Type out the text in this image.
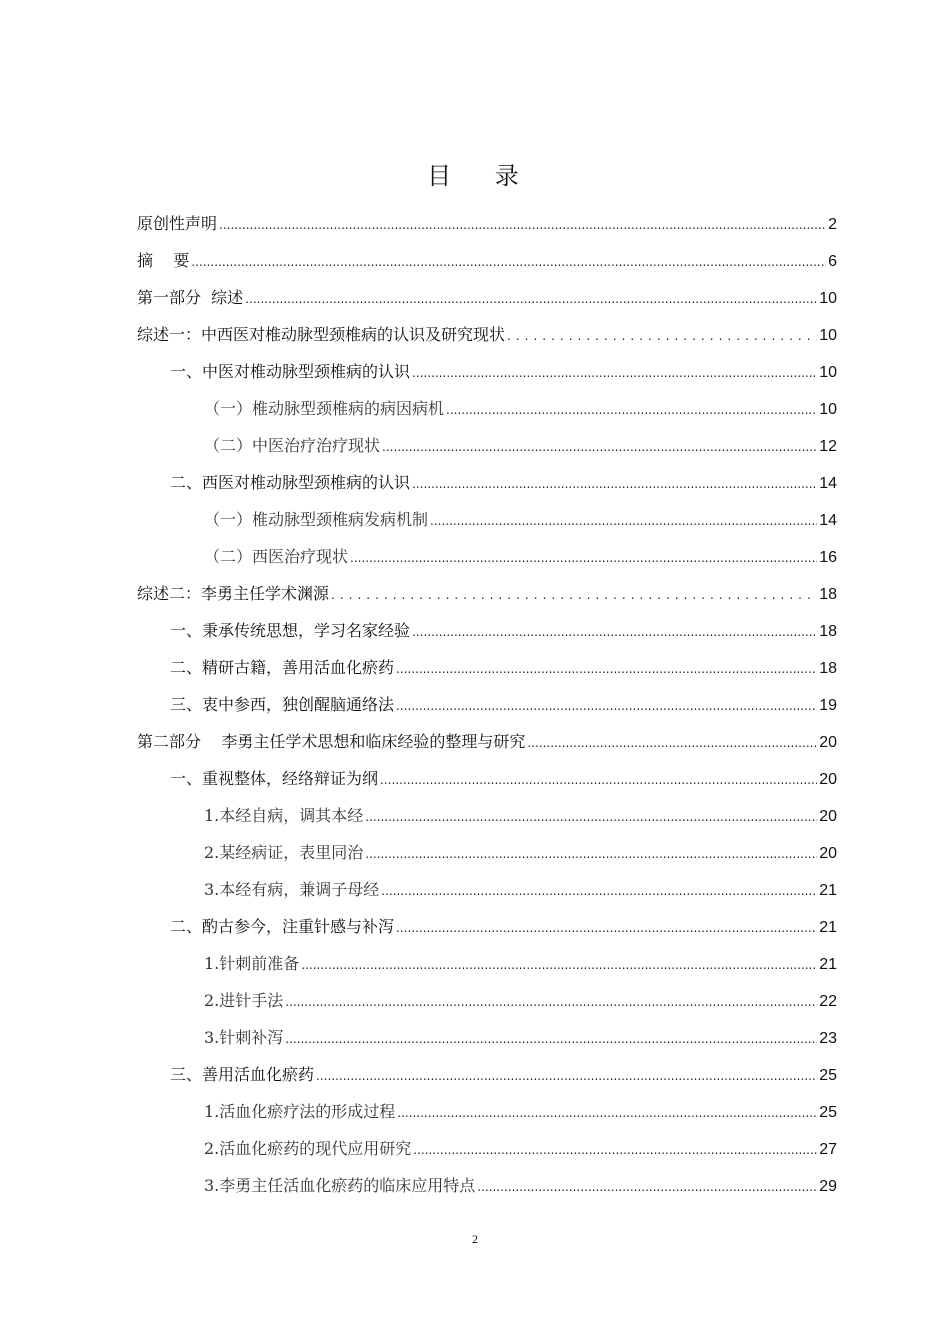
目 录
原创性声明 .....	2
摘    要 .....	6
第一部分  综述 .....	10
综述一：中西医对椎动脉型颈椎病的认识及研究现状 .....	10
一、中医对椎动脉型颈椎病的认识 .....	10
（一）椎动脉型颈椎病的病因病机 .....	10
（二）中医治疗治疗现状 .....	12
二、西医对椎动脉型颈椎病的认识 .....	14
（一）椎动脉型颈椎病发病机制 .....	14
（二）西医治疗现状 .....	16
综述二：李勇主任学术渊源 .....	18
一、秉承传统思想，学习名家经验 .....	18
二、精研古籍，善用活血化瘀药 .....	18
三、衷中参西，独创醒脑通络法 .....	19
第二部分    李勇主任学术思想和临床经验的整理与研究 .....	20
一、重视整体，经络辩证为纲 .....	20
1.本经自病，调其本经 .....	20
2.某经病证，表里同治 .....	20
3.本经有病，兼调子母经 .....	21
二、酌古参今，注重针感与补泻 .....	21
1.针刺前准备 .....	21
2.进针手法 .....	22
3.针刺补泻 .....	23
三、善用活血化瘀药 .....	25
1.活血化瘀疗法的形成过程 .....	25
2.活血化瘀药的现代应用研究 .....	27
3.李勇主任活血化瘀药的临床应用特点 .....	29
2
